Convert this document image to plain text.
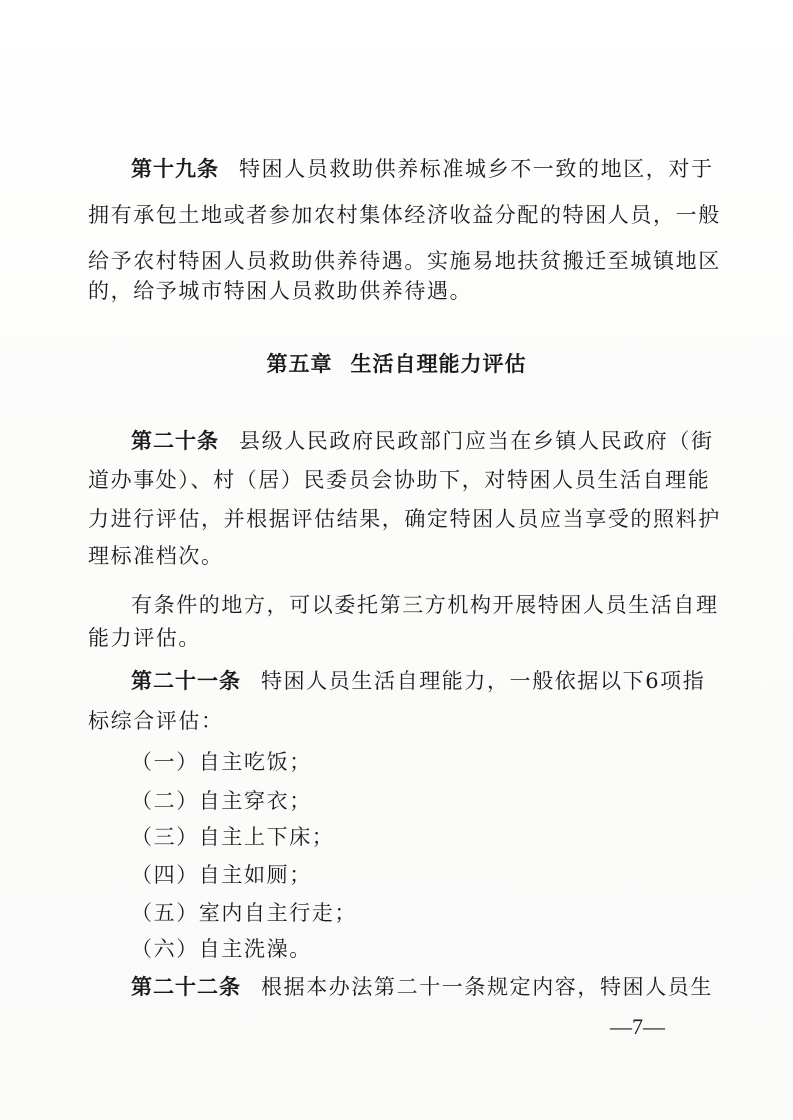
第十九条 特困人员救助供养标准城乡不一致的地区，对于
拥有承包土地或者参加农村集体经济收益分配的特困人员，一般
给予农村特困人员救助供养待遇。实施易地扶贫搬迁至城镇地区
的，给予城市特困人员救助供养待遇。
第五章 生活自理能力评估
第二十条 县级人民政府民政部门应当在乡镇人民政府（街
道办事处）、村（居）民委员会协助下，对特困人员生活自理能
力进行评估，并根据评估结果，确定特困人员应当享受的照料护
理标准档次。
有条件的地方，可以委托第三方机构开展特困人员生活自理
能力评估。
第二十一条 特困人员生活自理能力，一般依据以下6项指
标综合评估：
（一）自主吃饭；
（二）自主穿衣；
（三）自主上下床；
（四）自主如厕；
（五）室内自主行走；
（六）自主洗澡。
第二十二条 根据本办法第二十一条规定内容，特困人员生
—7—
